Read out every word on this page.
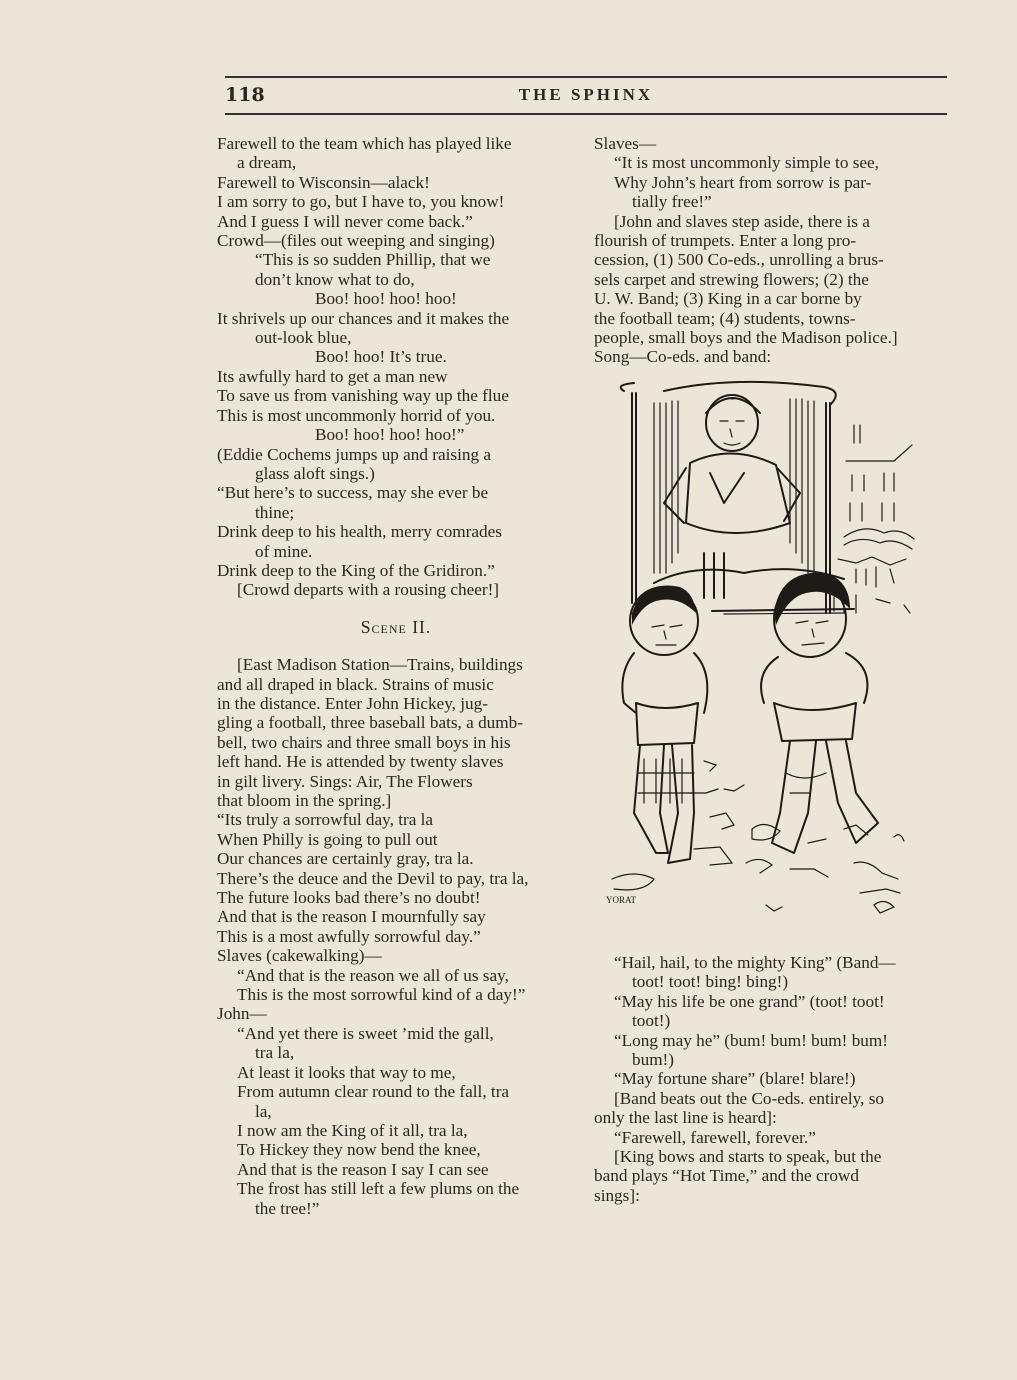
118	THE SPHINX
Farewell to the team which has played like
a dream,
Farewell to Wisconsin—alack!
I am sorry to go, but I have to, you know!
And I guess I will never come back.”
Crowd—(files out weeping and singing)
“This is so sudden Phillip, that we
don’t know what to do,
Boo! hoo! hoo! hoo!
It shrivels up our chances and it makes the
out-look blue,
Boo! hoo! It’s true.
Its awfully hard to get a man new
To save us from vanishing way up the flue
This is most uncommonly horrid of you.
Boo! hoo! hoo! hoo!”
(Eddie Cochems jumps up and raising a
glass aloft sings.)
“But here’s to success, may she ever be
thine;
Drink deep to his health, merry comrades
of mine.
Drink deep to the King of the Gridiron.”
[Crowd departs with a rousing cheer!]
Scene II.
[East Madison Station—Trains, buildings
and all draped in black. Strains of music
in the distance. Enter John Hickey, jug-
gling a football, three baseball bats, a dumb-
bell, two chairs and three small boys in his
left hand. He is attended by twenty slaves
in gilt livery. Sings: Air, The Flowers
that bloom in the spring.]
“Its truly a sorrowful day, tra la
When Philly is going to pull out
Our chances are certainly gray, tra la.
There’s the deuce and the Devil to pay, tra la,
The future looks bad there’s no doubt!
And that is the reason I mournfully say
This is a most awfully sorrowful day.”
Slaves (cakewalking)—
“And that is the reason we all of us say,
This is the most sorrowful kind of a day!”
John—
“And yet there is sweet ’mid the gall,
tra la,
At least it looks that way to me,
From autumn clear round to the fall, tra
la,
I now am the King of it all, tra la,
To Hickey they now bend the knee,
And that is the reason I say I can see
The frost has still left a few plums on the
the tree!”
Slaves—
“It is most uncommonly simple to see,
Why John’s heart from sorrow is par-
tially free!”
[John and slaves step aside, there is a
flourish of trumpets. Enter a long pro-
cession, (1) 500 Co-eds., unrolling a brus-
sels carpet and strewing flowers; (2) the
U. W. Band; (3) King in a car borne by
the football team; (4) students, towns-
people, small boys and the Madison police.]
Song—Co-eds. and band:
YORAT
“Hail, hail, to the mighty King” (Band—
toot! toot! bing! bing!)
“May his life be one grand” (toot! toot!
toot!)
“Long may he” (bum! bum! bum! bum!
bum!)
“May fortune share” (blare! blare!)
[Band beats out the Co-eds. entirely, so
only the last line is heard]:
“Farewell, farewell, forever.”
[King bows and starts to speak, but the
band plays “Hot Time,” and the crowd
sings]:
